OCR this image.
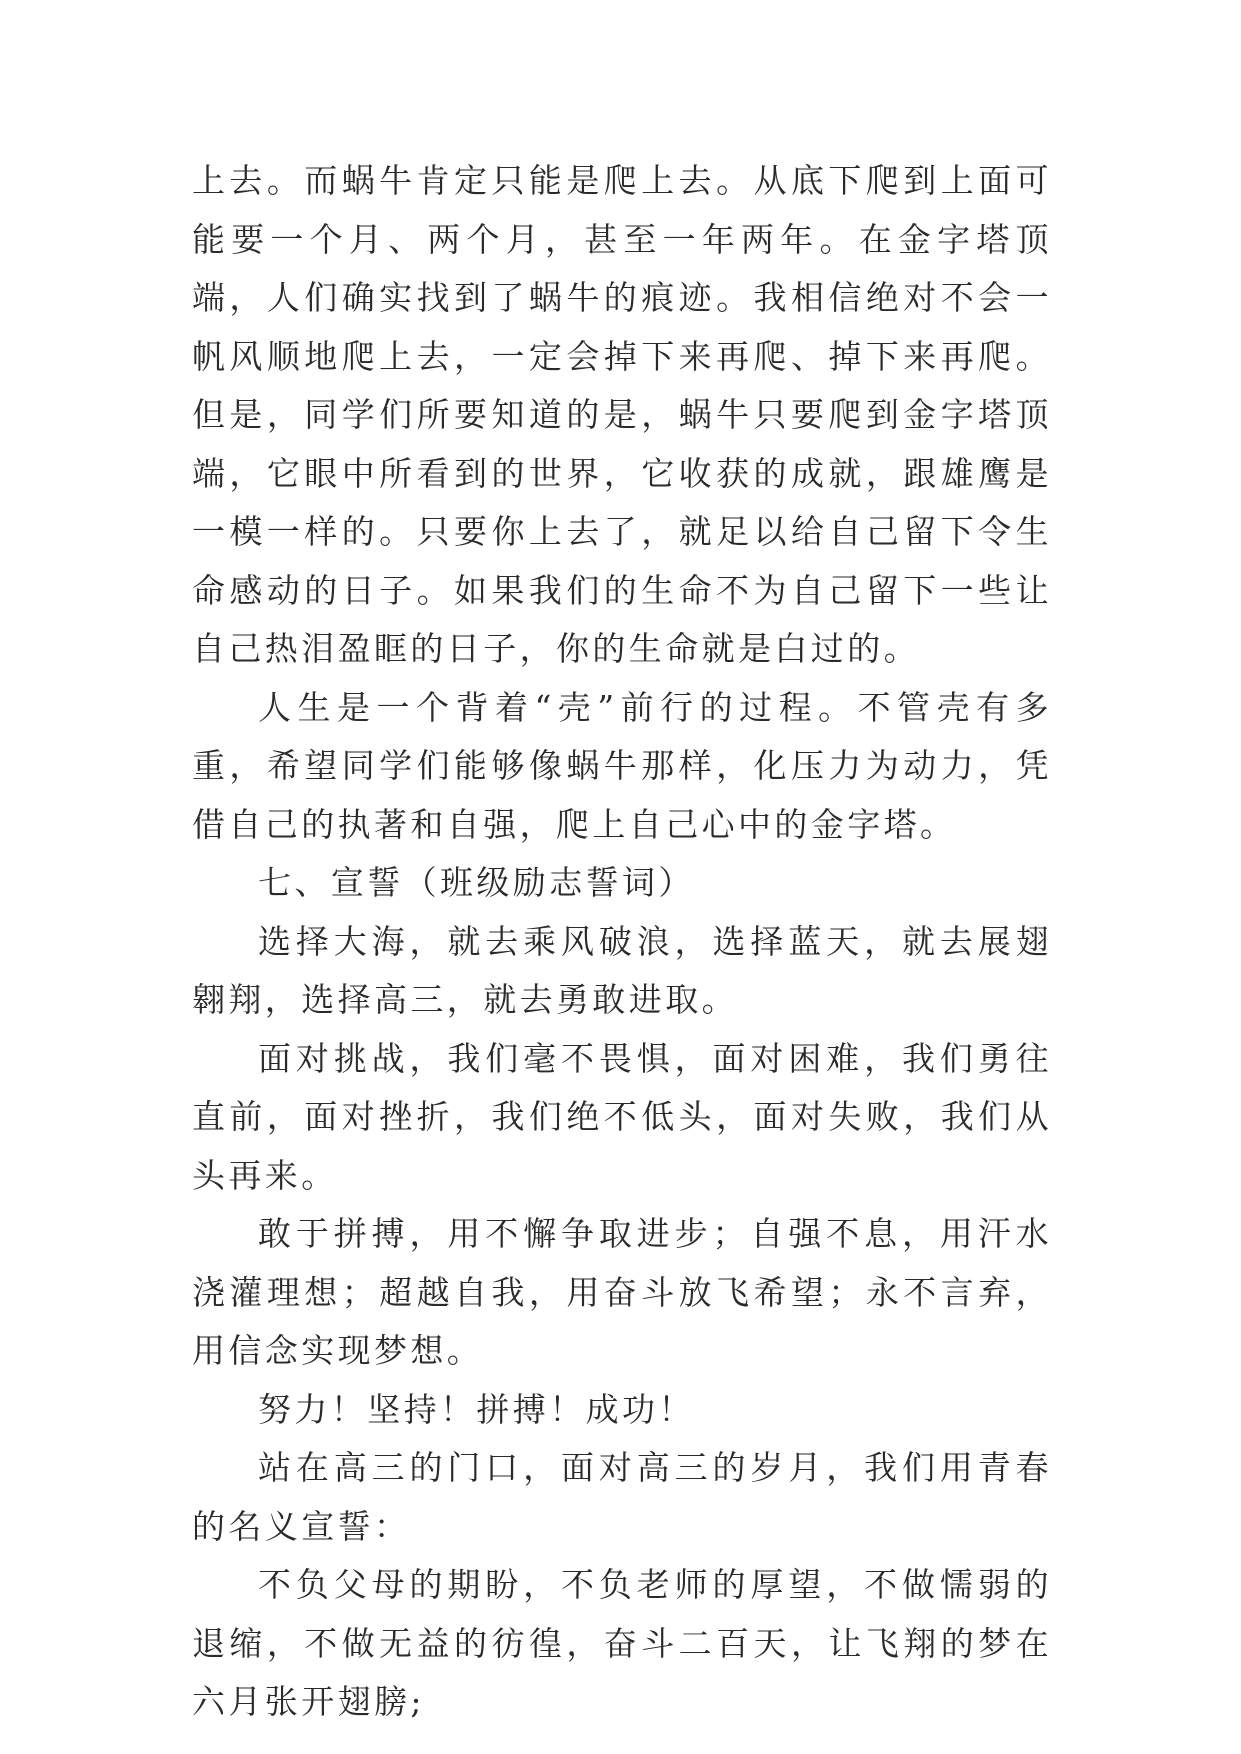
上去。而蜗牛肯定只能是爬上去。从底下爬到上面可能要一个月、两个月，甚至一年两年。在金字塔顶端，人们确实找到了蜗牛的痕迹。我相信绝对不会一帆风顺地爬上去，一定会掉下来再爬、掉下来再爬。但是，同学们所要知道的是，蜗牛只要爬到金字塔顶端，它眼中所看到的世界，它收获的成就，跟雄鹰是一模一样的。只要你上去了，就足以给自己留下令生命感动的日子。如果我们的生命不为自己留下一些让自己热泪盈眶的日子，你的生命就是白过的。

人生是一个背着“壳”前行的过程。不管壳有多重，希望同学们能够像蜗牛那样，化压力为动力，凭借自己的执著和自强，爬上自己心中的金字塔。

七、宣誓（班级励志誓词）

选择大海，就去乘风破浪，选择蓝天，就去展翅翱翔，选择高三，就去勇敢进取。

面对挑战，我们毫不畏惧，面对困难，我们勇往直前，面对挫折，我们绝不低头，面对失败，我们从头再来。

敢于拼搏，用不懈争取进步；自强不息，用汗水浇灌理想；超越自我，用奋斗放飞希望；永不言弃，用信念实现梦想。

努力！坚持！拼搏！成功！

站在高三的门口，面对高三的岁月，我们用青春的名义宣誓：

不负父母的期盼，不负老师的厚望，不做懦弱的退缩，不做无益的彷徨，奋斗二百天，让飞翔的梦在六月张开翅膀;
